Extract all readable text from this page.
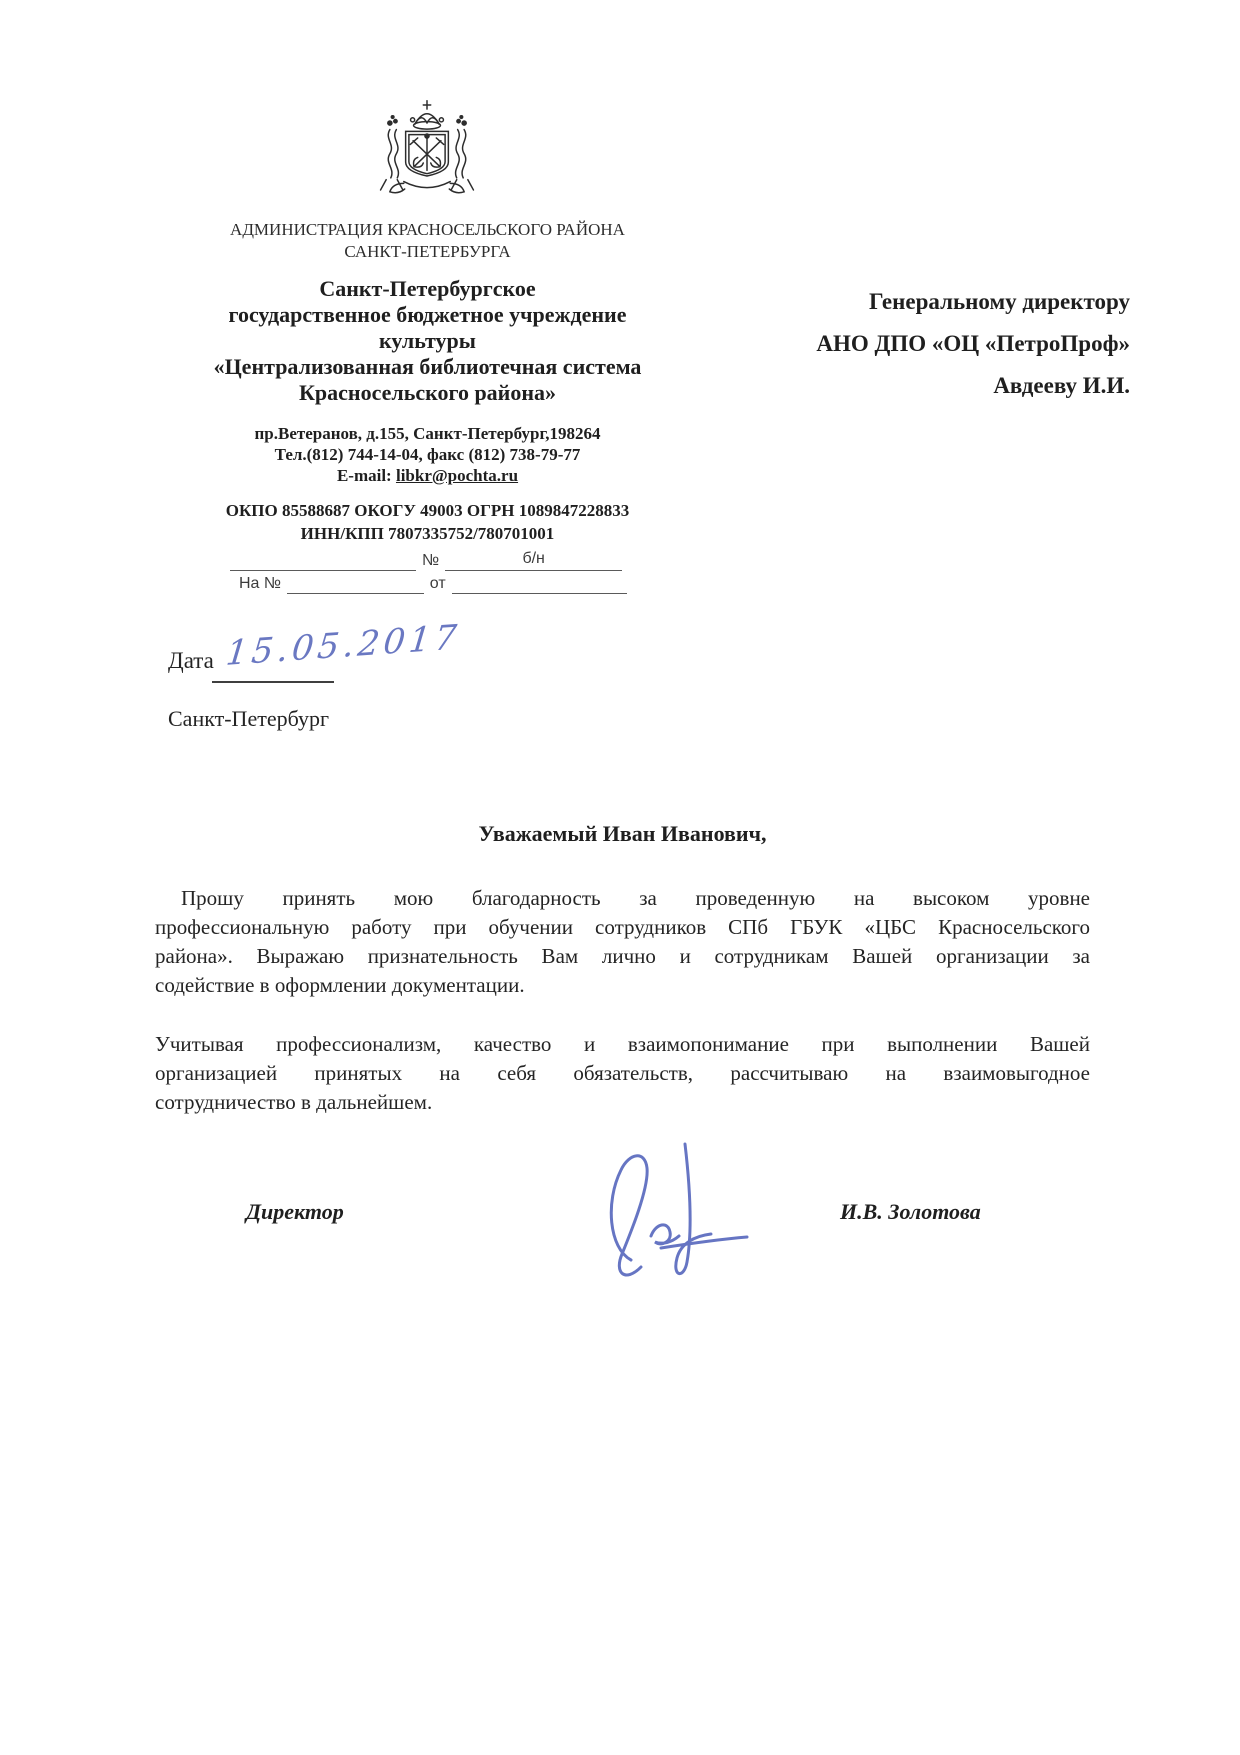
АДМИНИСТРАЦИЯ КРАСНОСЕЛЬСКОГО РАЙОНА
САНКТ-ПЕТЕРБУРГА
Санкт-Петербургское
государственное бюджетное учреждение
культуры
«Централизованная библиотечная система
Красносельского района»
пр.Ветеранов, д.155, Санкт-Петербург,198264
Тел.(812) 744-14-04, факс (812) 738-79-77
E-mail: libkr@pochta.ru
ОКПО 85588687 ОКОГУ 49003 ОГРН 1089847228833
ИНН/КПП 7807335752/780701001
Генеральному директору
АНО ДПО «ОЦ «ПетроПроф»
Авдееву И.И.
№	б/н
На №	от
Дата 15.05.2017
Санкт-Петербург
Уважаемый Иван Иванович,
Прошу принять мою благодарность за проведенную на высоком уровне
профессиональную работу при обучении сотрудников СПб ГБУК «ЦБС Красносельского
района». Выражаю признательность Вам лично и сотрудникам Вашей организации за
содействие в оформлении документации.
Учитывая профессионализм, качество и взаимопонимание при выполнении Вашей
организацией принятых на себя обязательств, рассчитываю на взаимовыгодное
сотрудничество в дальнейшем.
Директор	И.В. Золотова
